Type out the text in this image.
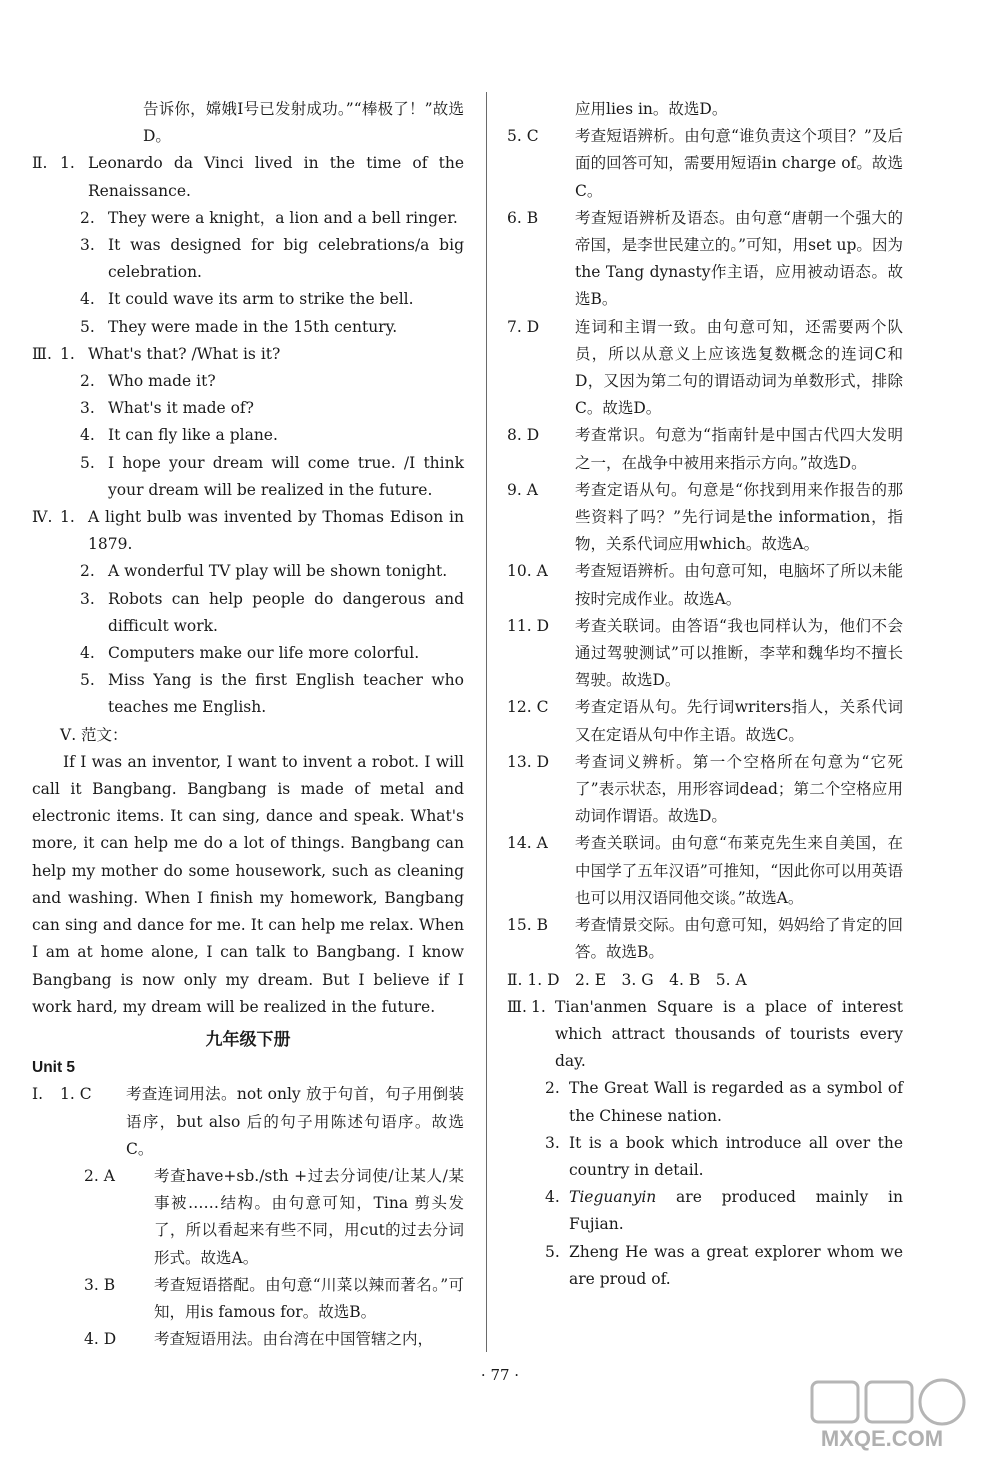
告诉你，嫦娥Ⅰ号已发射成功。”“棒极了！”故选D。
Ⅱ. 1. Leonardo da Vinci lived in the time of the Renaissance.
2. They were a knight，a lion and a bell ringer.
3. It was designed for big celebrations/a big celebration.
4. It could wave its arm to strike the bell.
5. They were made in the 15th century.
Ⅲ. 1. What's that? /What is it?
2. Who made it?
3. What's it made of?
4. It can fly like a plane.
5. I hope your dream will come true. /I think your dream will be realized in the future.
Ⅳ. 1. A light bulb was invented by Thomas Edison in 1879.
2. A wonderful TV play will be shown tonight.
3. Robots can help people do dangerous and difficult work.
4. Computers make our life more colorful.
5. Miss Yang is the first English teacher who teaches me English.
Ⅴ. 范文：

If I was an inventor, I want to invent a robot. I will call it Bangbang. Bangbang is made of metal and electronic items. It can sing, dance and speak. What's more, it can help me do a lot of things. Bangbang can help my mother do some housework, such as cleaning and washing. When I finish my homework, Bangbang can sing and dance for me. It can help me relax. When I am at home alone, I can talk to Bangbang. I know Bangbang is now only my dream. But I believe if I work hard, my dream will be realized in the future.

九年级下册
Unit 5
Ⅰ.	1. C	考查连词用法。not only 放于句首，句子用倒装语序，but also 后的句子用陈述句语序。故选C。
2. A	考查have+sb./sth +过去分词使/让某人/某事被……结构。由句意可知，Tina 剪头发了，所以看起来有些不同，用cut的过去分词形式。故选A。
3. B	考查短语搭配。由句意“川菜以辣而著名。”可知，用is famous for。故选B。
4. D	考查短语用法。由台湾在中国管辖之内，
应用lies in。故选D。
5. C	考查短语辨析。由句意“谁负责这个项目？”及后面的回答可知，需要用短语in charge of。故选C。
6. B	考查短语辨析及语态。由句意“唐朝一个强大的帝国，是李世民建立的。”可知，用set up。因为the Tang dynasty作主语，应用被动语态。故选B。
7. D	连词和主谓一致。由句意可知，还需要两个队员，所以从意义上应该选复数概念的连词C和D，又因为第二句的谓语动词为单数形式，排除C。故选D。
8. D	考查常识。句意为“指南针是中国古代四大发明之一，在战争中被用来指示方向。”故选D。
9. A	考查定语从句。句意是“你找到用来作报告的那些资料了吗？”先行词是the information，指物，关系代词应用which。故选A。
10. A	考查短语辨析。由句意可知，电脑坏了所以未能按时完成作业。故选A。
11. D	考查关联词。由答语“我也同样认为，他们不会通过驾驶测试”可以推断，李苹和魏华均不擅长驾驶。故选D。
12. C	考查定语从句。先行词writers指人，关系代词又在定语从句中作主语。故选C。
13. D	考查词义辨析。第一个空格所在句意为“它死了”表示状态，用形容词dead；第二个空格应用动词作谓语。故选D。
14. A	考查关联词。由句意“布莱克先生来自美国，在中国学了五年汉语”可推知，“因此你可以用英语也可以用汉语同他交谈。”故选A。
15. B	考查情景交际。由句意可知，妈妈给了肯定的回答。故选B。
Ⅱ. 1. D　2. E　3. G　4. B　5. A
Ⅲ. 1. Tian'anmen Square is a place of interest which attract thousands of tourists every day.
2. The Great Wall is regarded as a symbol of the Chinese nation.
3. It is a book which introduce all over the country in detail.
4. Tieguanyin are produced mainly in Fujian.
5. Zheng He was a great explorer whom we are proud of.
· 77 ·
MXQE.COM
